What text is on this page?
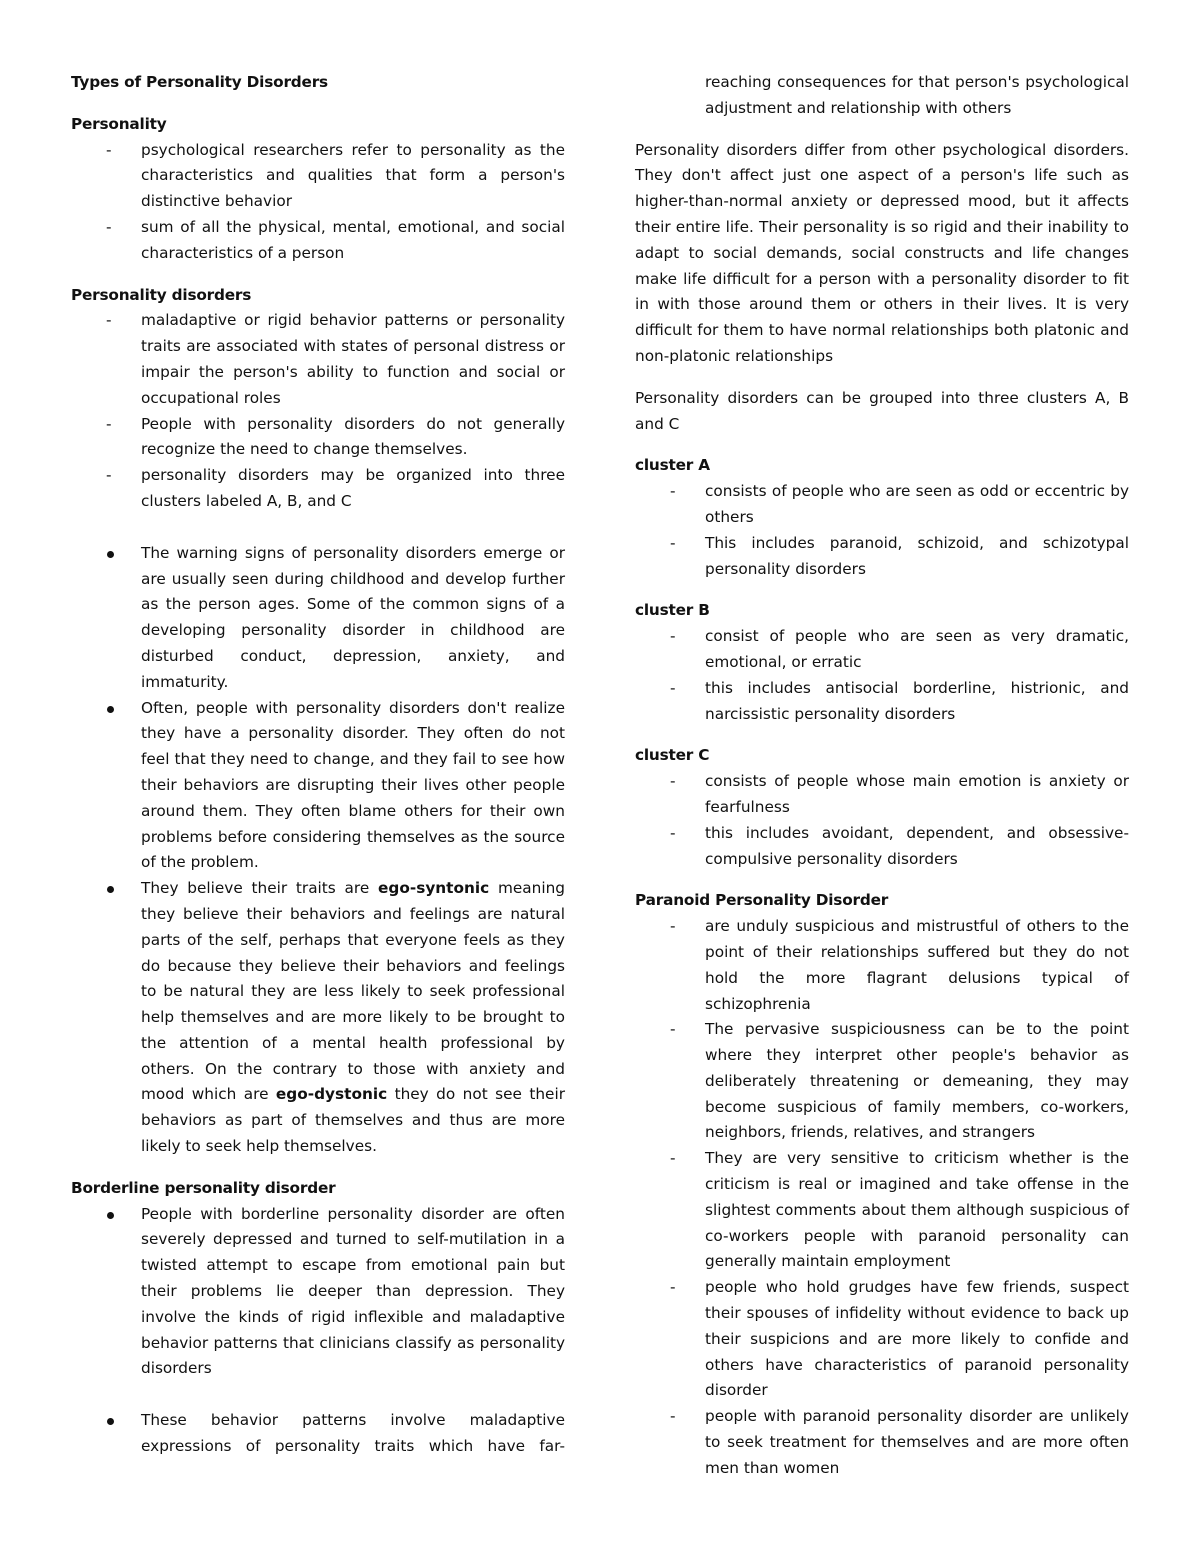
Types of Personality Disorders

Personality

- psychological researchers refer to personality as the characteristics and qualities that form a person's distinctive behavior
- sum of all the physical, mental, emotional, and social characteristics of a person

Personality disorders

- maladaptive or rigid behavior patterns or personality traits are associated with states of personal distress or impair the person's ability to function and social or occupational roles
- People with personality disorders do not generally recognize the need to change themselves.
- personality disorders may be organized into three clusters labeled A, B, and C
The warning signs of personality disorders emerge or are usually seen during childhood and develop further as the person ages. Some of the common signs of a developing personality disorder in childhood are disturbed conduct, depression, anxiety, and immaturity.
Often, people with personality disorders don't realize they have a personality disorder. They often do not feel that they need to change, and they fail to see how their behaviors are disrupting their lives other people around them. They often blame others for their own problems before considering themselves as the source of the problem.
They believe their traits are ego-syntonic meaning they believe their behaviors and feelings are natural parts of the self, perhaps that everyone feels as they do because they believe their behaviors and feelings to be natural they are less likely to seek professional help themselves and are more likely to be brought to the attention of a mental health professional by others. On the contrary to those with anxiety and mood which are ego-dystonic they do not see their behaviors as part of themselves and thus are more likely to seek help themselves.

Borderline personality disorder

People with borderline personality disorder are often severely depressed and turned to self-mutilation in a twisted attempt to escape from emotional pain but their problems lie deeper than depression. They involve the kinds of rigid inflexible and maladaptive behavior patterns that clinicians classify as personality disorders
These behavior patterns involve maladaptive expressions of personality traits which have far-

reaching consequences for that person's psychological adjustment and relationship with others

Personality disorders differ from other psychological disorders. They don't affect just one aspect of a person's life such as higher-than-normal anxiety or depressed mood, but it affects their entire life. Their personality is so rigid and their inability to adapt to social demands, social constructs and life changes make life difficult for a person with a personality disorder to fit in with those around them or others in their lives. It is very difficult for them to have normal relationships both platonic and non-platonic relationships

Personality disorders can be grouped into three clusters A, B and C

cluster A

- consists of people who are seen as odd or eccentric by others
- This includes paranoid, schizoid, and schizotypal personality disorders

cluster B

- consist of people who are seen as very dramatic, emotional, or erratic
- this includes antisocial borderline, histrionic, and narcissistic personality disorders

cluster C

- consists of people whose main emotion is anxiety or fearfulness
- this includes avoidant, dependent, and obsessive-compulsive personality disorders

Paranoid Personality Disorder

- are unduly suspicious and mistrustful of others to the point of their relationships suffered but they do not hold the more flagrant delusions typical of schizophrenia
- The pervasive suspiciousness can be to the point where they interpret other people's behavior as deliberately threatening or demeaning, they may become suspicious of family members, co-workers, neighbors, friends, relatives, and strangers
- They are very sensitive to criticism whether is the criticism is real or imagined and take offense in the slightest comments about them although suspicious of co-workers people with paranoid personality can generally maintain employment
- people who hold grudges have few friends, suspect their spouses of infidelity without evidence to back up their suspicions and are more likely to confide and others have characteristics of paranoid personality disorder
- people with paranoid personality disorder are unlikely to seek treatment for themselves and are more often men than women
